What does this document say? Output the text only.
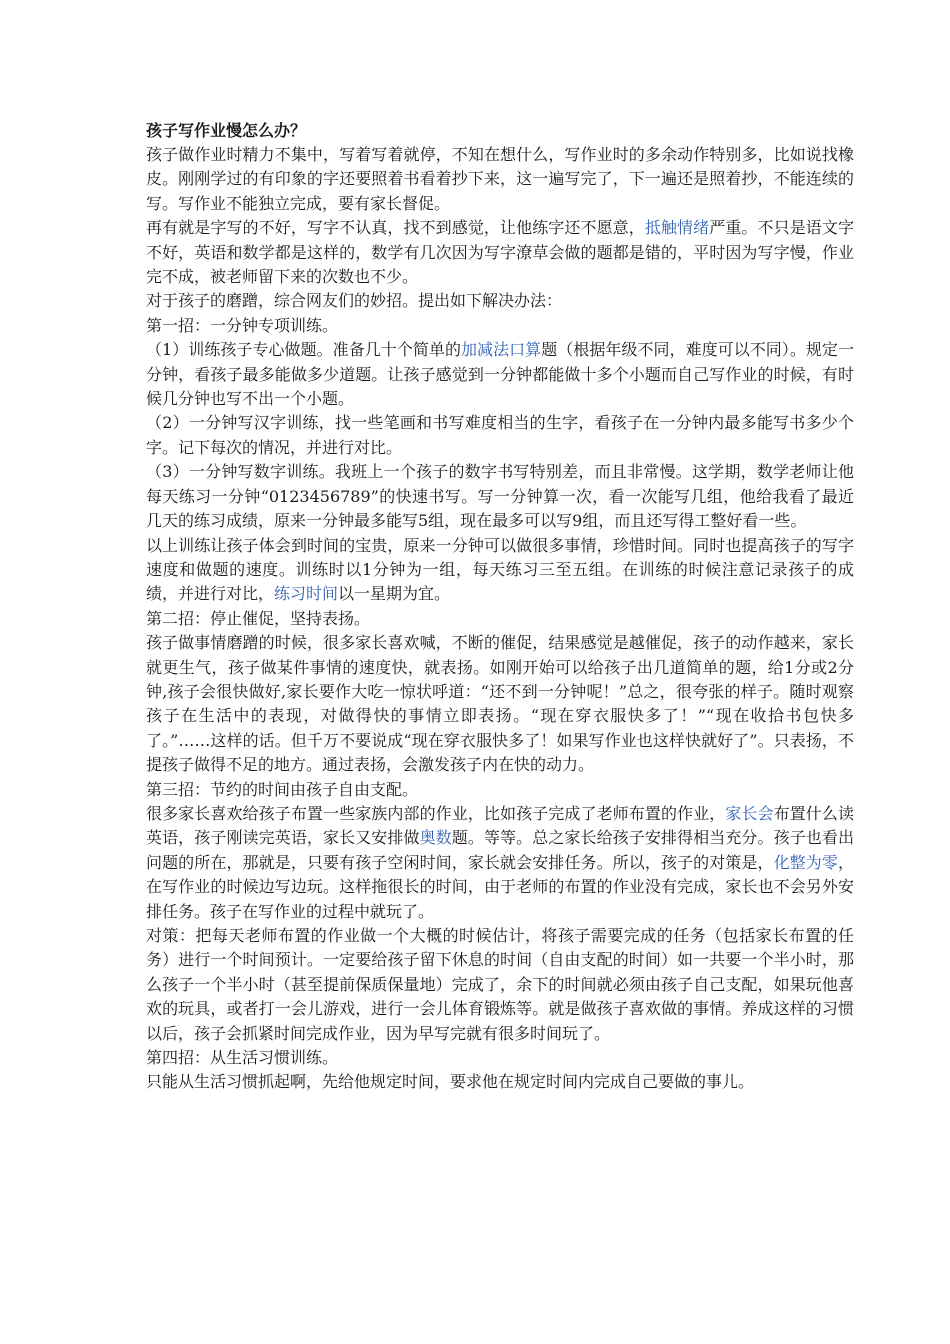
孩子写作业慢怎么办？

孩子做作业时精力不集中，写着写着就停，不知在想什么，写作业时的多余动作特别多，比如说找橡皮。刚刚学过的有印象的字还要照着书看着抄下来，这一遍写完了，下一遍还是照着抄，不能连续的写。写作业不能独立完成，要有家长督促。

再有就是字写的不好，写字不认真，找不到感觉，让他练字还不愿意，抵触情绪严重。不只是语文字不好，英语和数学都是这样的，数学有几次因为写字潦草会做的题都是错的，平时因为写字慢，作业完不成，被老师留下来的次数也不少。

对于孩子的磨蹭，综合网友们的妙招。提出如下解决办法：

第一招：一分钟专项训练。

（1）训练孩子专心做题。准备几十个简单的加减法口算题（根据年级不同，难度可以不同）。规定一分钟，看孩子最多能做多少道题。让孩子感觉到一分钟都能做十多个小题而自己写作业的时候，有时候几分钟也写不出一个小题。

（2）一分钟写汉字训练，找一些笔画和书写难度相当的生字，看孩子在一分钟内最多能写书多少个字。记下每次的情况，并进行对比。

（3）一分钟写数字训练。我班上一个孩子的数字书写特别差，而且非常慢。这学期，数学老师让他每天练习一分钟“0123456789”的快速书写。写一分钟算一次，看一次能写几组，他给我看了最近几天的练习成绩，原来一分钟最多能写5组，现在最多可以写9组，而且还写得工整好看一些。

以上训练让孩子体会到时间的宝贵，原来一分钟可以做很多事情，珍惜时间。同时也提高孩子的写字速度和做题的速度。训练时以1分钟为一组，每天练习三至五组。在训练的时候注意记录孩子的成绩，并进行对比，练习时间以一星期为宜。

第二招：停止催促，坚持表扬。

孩子做事情磨蹭的时候，很多家长喜欢喊，不断的催促，结果感觉是越催促，孩子的动作越来，家长就更生气，孩子做某件事情的速度快，就表扬。如刚开始可以给孩子出几道简单的题，给1分或2分钟,孩子会很快做好,家长要作大吃一惊状呼道：“还不到一分钟呢！”总之，很夸张的样子。随时观察孩子在生活中的表现，对做得快的事情立即表扬。“现在穿衣服快多了！”“现在收拾书包快多了。”……这样的话。但千万不要说成“现在穿衣服快多了！如果写作业也这样快就好了”。只表扬，不提孩子做得不足的地方。通过表扬，会激发孩子内在快的动力。

第三招：节约的时间由孩子自由支配。

很多家长喜欢给孩子布置一些家族内部的作业，比如孩子完成了老师布置的作业，家长会布置什么读英语，孩子刚读完英语，家长又安排做奥数题。等等。总之家长给孩子安排得相当充分。孩子也看出问题的所在，那就是，只要有孩子空闲时间，家长就会安排任务。所以，孩子的对策是，化整为零，在写作业的时候边写边玩。这样拖很长的时间，由于老师的布置的作业没有完成，家长也不会另外安排任务。孩子在写作业的过程中就玩了。

对策：把每天老师布置的作业做一个大概的时候估计，将孩子需要完成的任务（包括家长布置的任务）进行一个时间预计。一定要给孩子留下休息的时间（自由支配的时间）如一共要一个半小时，那么孩子一个半小时（甚至提前保质保量地）完成了，余下的时间就必须由孩子自己支配，如果玩他喜欢的玩具，或者打一会儿游戏，进行一会儿体育锻炼等。就是做孩子喜欢做的事情。养成这样的习惯以后，孩子会抓紧时间完成作业，因为早写完就有很多时间玩了。

第四招：从生活习惯训练。

只能从生活习惯抓起啊，先给他规定时间，要求他在规定时间内完成自己要做的事儿。
